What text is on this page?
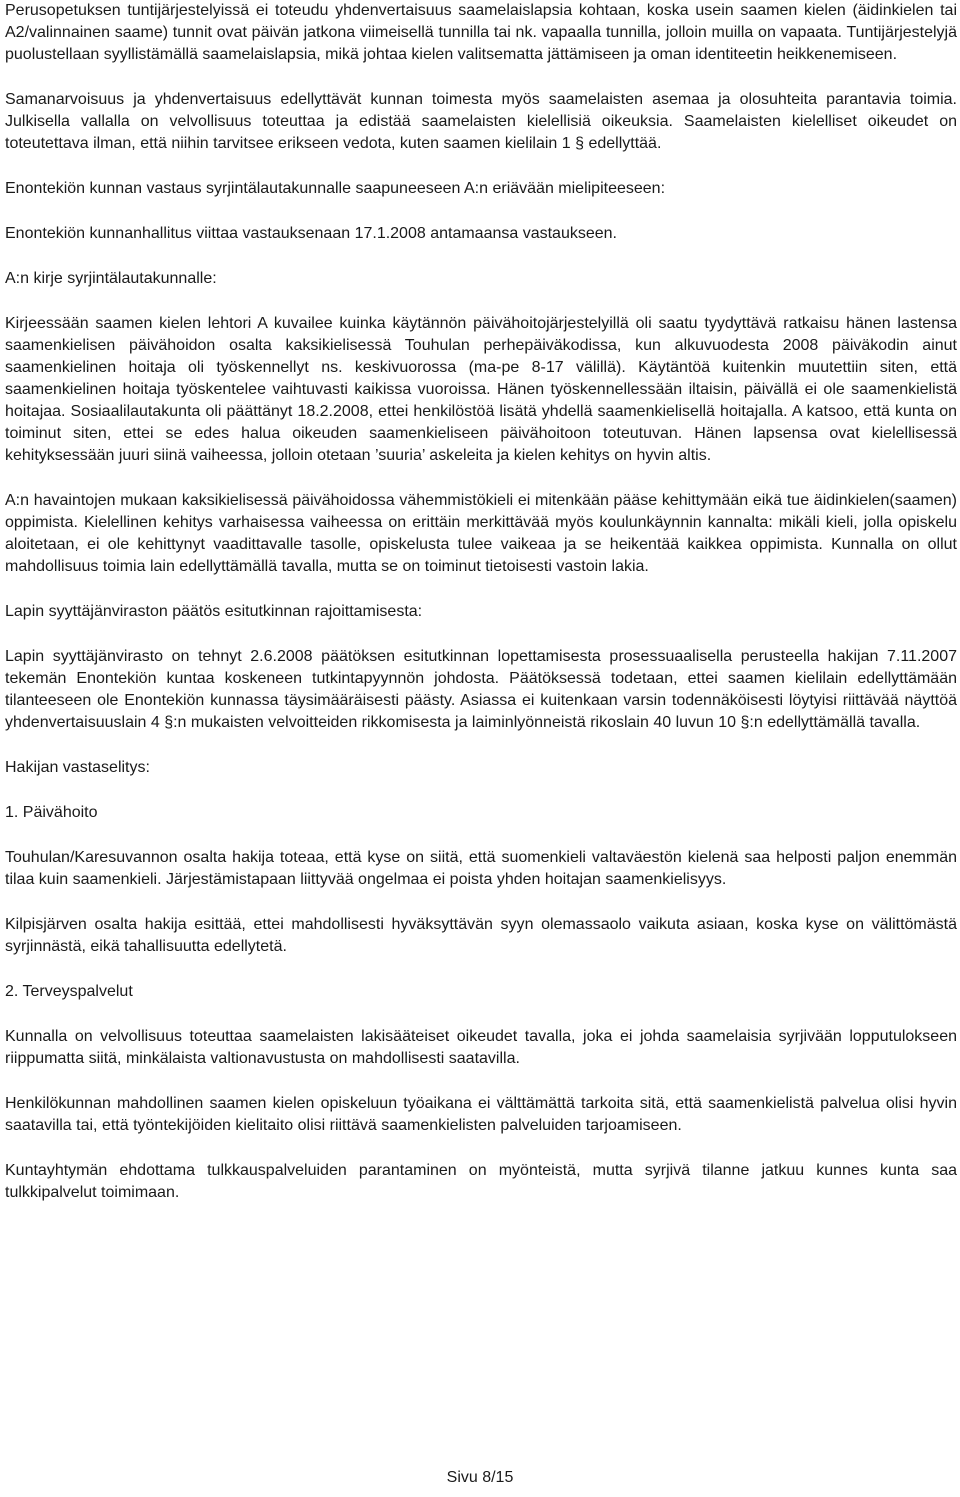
Perusopetuksen tuntijärjestelyissä ei toteudu yhdenvertaisuus saamelaislapsia kohtaan, koska usein saamen kielen (äidinkielen tai A2/valinnainen saame) tunnit ovat päivän jatkona viimeisellä tunnilla tai nk. vapaalla tunnilla, jolloin muilla on vapaata. Tuntijärjestelyjä puolustellaan syyllistämällä saamelaislapsia, mikä johtaa kielen valitsematta jättämiseen ja oman identiteetin heikkenemiseen.

Samanarvoisuus ja yhdenvertaisuus edellyttävät kunnan toimesta myös saamelaisten asemaa ja olosuhteita parantavia toimia. Julkisella vallalla on velvollisuus toteuttaa ja edistää saamelaisten kielellisiä oikeuksia. Saamelaisten kielelliset oikeudet on toteutettava ilman, että niihin tarvitsee erikseen vedota, kuten saamen kielilain 1 § edellyttää.

Enontekiön kunnan vastaus syrjintälautakunnalle saapuneeseen A:n eriävään mielipiteeseen:

Enontekiön kunnanhallitus viittaa vastauksenaan 17.1.2008 antamaansa vastaukseen.

A:n kirje syrjintälautakunnalle:

Kirjeessään saamen kielen lehtori A kuvailee kuinka käytännön päivähoitojärjestelyillä oli saatu tyydyttävä ratkaisu hänen lastensa saamenkielisen päivähoidon osalta kaksikielisessä Touhulan perhepäiväkodissa, kun alkuvuodesta 2008 päiväkodin ainut saamenkielinen hoitaja oli työskennellyt ns. keskivuorossa (ma-pe 8-17 välillä). Käytäntöä kuitenkin muutettiin siten, että saamenkielinen hoitaja työskentelee vaihtuvasti kaikissa vuoroissa. Hänen työskennellessään iltaisin, päivällä ei ole saamenkielistä hoitajaa. Sosiaalilautakunta oli päättänyt 18.2.2008, ettei henkilöstöä lisätä yhdellä saamenkielisellä hoitajalla. A katsoo, että kunta on toiminut siten, ettei se edes halua oikeuden saamenkieliseen päivähoitoon toteutuvan. Hänen lapsensa ovat kielellisessä kehityksessään juuri siinä vaiheessa, jolloin otetaan ’suuria’ askeleita ja kielen kehitys on hyvin altis.

A:n havaintojen mukaan kaksikielisessä päivähoidossa vähemmistökieli ei mitenkään pääse kehittymään eikä tue äidinkielen(saamen) oppimista. Kielellinen kehitys varhaisessa vaiheessa on erittäin merkittävää myös koulunkäynnin kannalta: mikäli kieli, jolla opiskelu aloitetaan, ei ole kehittynyt vaadittavalle tasolle, opiskelusta tulee vaikeaa ja se heikentää kaikkea oppimista. Kunnalla on ollut mahdollisuus toimia lain edellyttämällä tavalla, mutta se on toiminut tietoisesti vastoin lakia.

Lapin syyttäjänviraston päätös esitutkinnan rajoittamisesta:

Lapin syyttäjänvirasto on tehnyt 2.6.2008 päätöksen esitutkinnan lopettamisesta prosessuaalisella perusteella hakijan 7.11.2007 tekemän Enontekiön kuntaa koskeneen tutkintapyynnön johdosta. Päätöksessä todetaan, ettei saamen kielilain edellyttämään tilanteeseen ole Enontekiön kunnassa täysimääräisesti päästy. Asiassa ei kuitenkaan varsin todennäköisesti löytyisi riittävää näyttöä yhdenvertaisuuslain 4 §:n mukaisten velvoitteiden rikkomisesta ja laiminlyönneistä rikoslain 40 luvun 10 §:n edellyttämällä tavalla.

Hakijan vastaselitys:

1. Päivähoito

Touhulan/Karesuvannon osalta hakija toteaa, että kyse on siitä, että suomenkieli valtaväestön kielenä saa helposti paljon enemmän tilaa kuin saamenkieli. Järjestämistapaan liittyvää ongelmaa ei poista yhden hoitajan saamenkielisyys.

Kilpisjärven osalta hakija esittää, ettei mahdollisesti hyväksyttävän syyn olemassaolo vaikuta asiaan, koska kyse on välittömästä syrjinnästä, eikä tahallisuutta edellytetä.

2. Terveyspalvelut

Kunnalla on velvollisuus toteuttaa saamelaisten lakisääteiset oikeudet tavalla, joka ei johda saamelaisia syrjivään lopputulokseen riippumatta siitä, minkälaista valtionavustusta on mahdollisesti saatavilla.

Henkilökunnan mahdollinen saamen kielen opiskeluun työaikana ei välttämättä tarkoita sitä, että saamenkielistä palvelua olisi hyvin saatavilla tai, että työntekijöiden kielitaito olisi riittävä saamenkielisten palveluiden tarjoamiseen.

Kuntayhtymän ehdottama tulkkauspalveluiden parantaminen on myönteistä, mutta syrjivä tilanne jatkuu kunnes kunta saa tulkkipalvelut toimimaan.

Sivu 8/15
